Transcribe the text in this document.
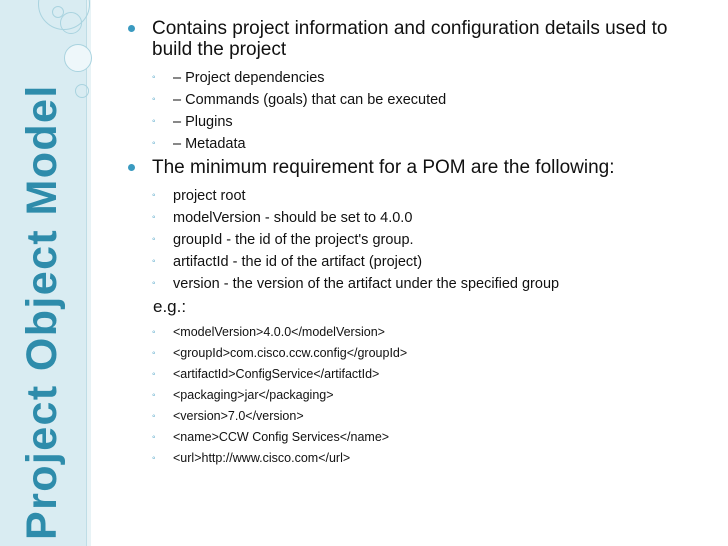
Project Object Model
Contains project information and configuration details used to build the project
◦ – Project dependencies
◦ – Commands (goals) that can be executed
◦ – Plugins
◦ – Metadata
The minimum requirement for a POM are the following:
◦ project root
◦ modelVersion - should be set to 4.0.0
◦ groupId - the id of the project's group.
◦ artifactId - the id of the artifact (project)
◦ version - the version of the artifact under the specified group
e.g.:
◦ <modelVersion>4.0.0</modelVersion>
◦ <groupId>com.cisco.ccw.config</groupId>
◦ <artifactId>ConfigService</artifactId>
◦ <packaging>jar</packaging>
◦ <version>7.0</version>
◦ <name>CCW Config Services</name>
◦ <url>http://www.cisco.com</url>
